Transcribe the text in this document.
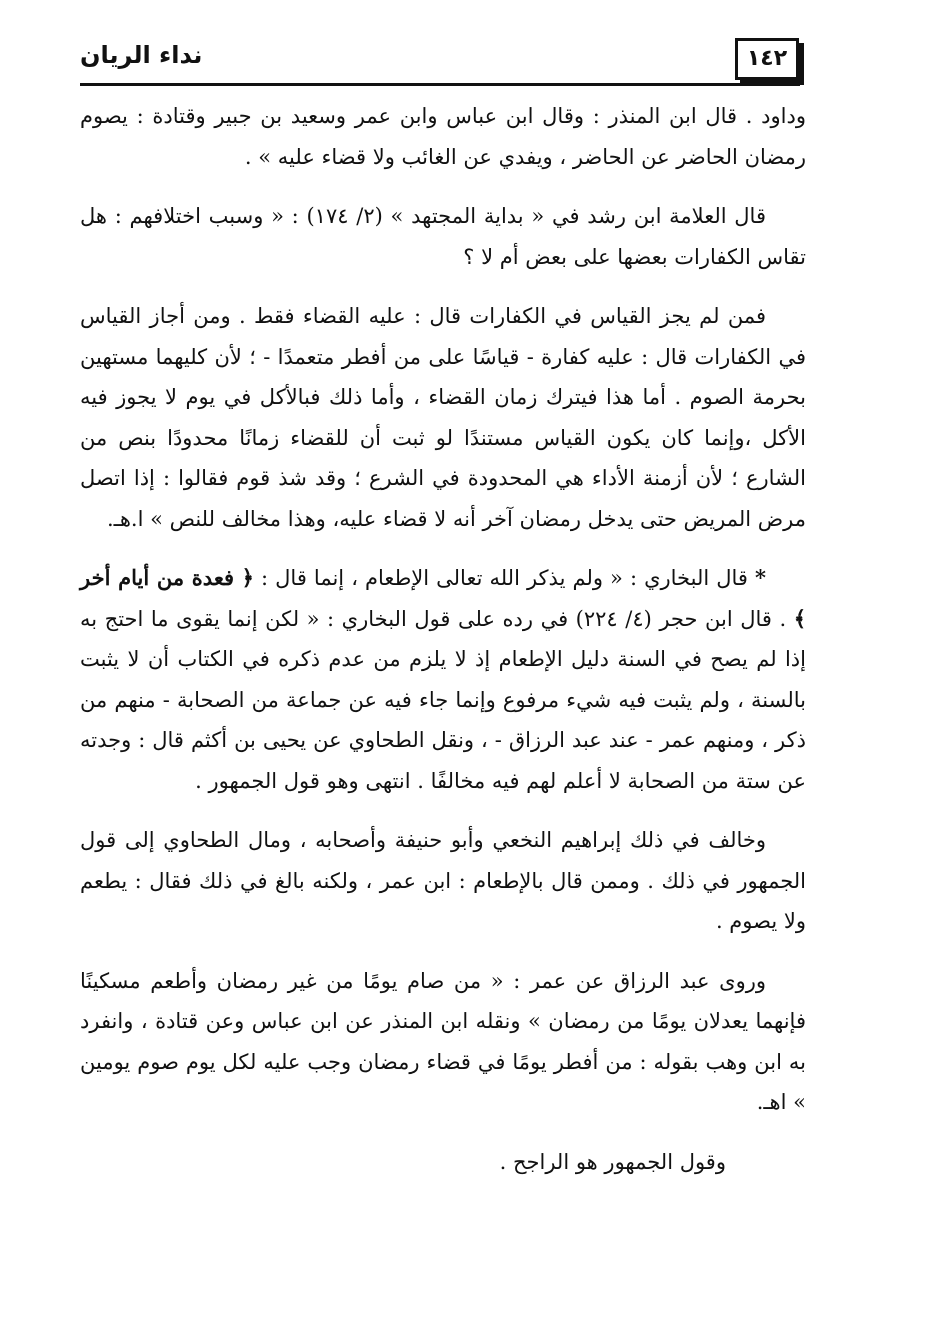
نداء الريان	١٤٢

وداود . قال ابن المنذر : وقال ابن عباس وابن عمر وسعيد بن جبير وقتادة : يصوم رمضان الحاضر عن الحاضر ، ويفدي عن الغائب ولا قضاء عليه » .

قال العلامة ابن رشد في « بداية المجتهد » (٢/ ١٧٤) : « وسبب اختلافهم : هل تقاس الكفارات بعضها على بعض أم لا ؟

فمن لم يجز القياس في الكفارات قال : عليه القضاء فقط . ومن أجاز القياس في الكفارات قال : عليه كفارة - قياسًا على من أفطر متعمدًا - ؛ لأن كليهما مستهين بحرمة الصوم . أما هذا فيترك زمان القضاء ، وأما ذلك فبالأكل في يوم لا يجوز فيه الأكل ،وإنما كان يكون القياس مستندًا لو ثبت أن للقضاء زمانًا محدودًا بنص من الشارع ؛ لأن أزمنة الأداء هي المحدودة في الشرع ؛ وقد شذ قوم فقالوا : إذا اتصل مرض المريض حتى يدخل رمضان آخر أنه لا قضاء عليه، وهذا مخالف للنص » ا.هـ.

* قال البخاري : « ولم يذكر الله تعالى الإطعام ، إنما قال : ﴿ فعدة من أيام أخر ﴾ . قال ابن حجر (٤/ ٢٢٤) في رده على قول البخاري : « لكن إنما يقوى ما احتج به إذا لم يصح في السنة دليل الإطعام إذ لا يلزم من عدم ذكره في الكتاب أن لا يثبت بالسنة ، ولم يثبت فيه شيء مرفوع وإنما جاء فيه عن جماعة من الصحابة - منهم من ذكر ، ومنهم عمر - عند عبد الرزاق - ، ونقل الطحاوي عن يحيى بن أكثم قال : وجدته عن ستة من الصحابة لا أعلم لهم فيه مخالفًا . انتهى وهو قول الجمهور .

وخالف في ذلك إبراهيم النخعي وأبو حنيفة وأصحابه ، ومال الطحاوي إلى قول الجمهور في ذلك . وممن قال بالإطعام : ابن عمر ، ولكنه بالغ في ذلك فقال : يطعم ولا يصوم .

وروى عبد الرزاق عن عمر : « من صام يومًا من غير رمضان وأطعم مسكينًا فإنهما يعدلان يومًا من رمضان » ونقله ابن المنذر عن ابن عباس وعن قتادة ، وانفرد به ابن وهب بقوله : من أفطر يومًا في قضاء رمضان وجب عليه لكل يوم صوم يومين » اهـ.

وقول الجمهور هو الراجح .
